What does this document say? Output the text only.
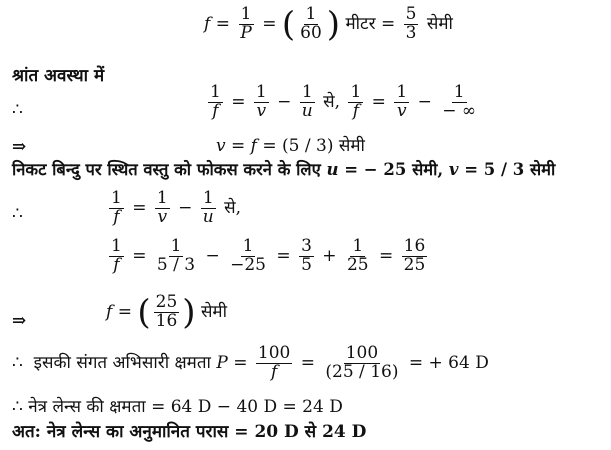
$f = \frac{1}{P}$ = ( $\frac{1}{60}$ ) मीटर = $\frac{5}{3}$ सेमी
श्रांत अवस्था में
∴	$\frac{1}{f} = \frac{1}{v} - \frac{1}{u}$ से, $\frac{1}{f} = \frac{1}{v} - \frac{1}{- \infty}$
⇒	v = f = (5 / 3) सेमी
निकट बिन्दु पर स्थित वस्तु को फोकस करने के लिए u = − 25 सेमी, v = 5 / 3 सेमी
∴	$\frac{1}{f} = \frac{1}{v} - \frac{1}{u}$ से,
$\frac{1}{f} = \frac{1}{5 / 3} - \frac{1}{-25} = \frac{3}{5} + \frac{1}{25} = \frac{16}{25}$
⇒	f = ( $\frac{25}{16}$ ) सेमी
∴ इसकी संगत अभिसारी क्षमता $P = \frac{100}{f} = \frac{100}{(25 / 16)}$ = + 64 D
∴ नेत्र लेन्स की क्षमता = 64 D − 40 D = 24 D
अत: नेत्र लेन्स का अनुमानित परास = 20 D से 24 D
